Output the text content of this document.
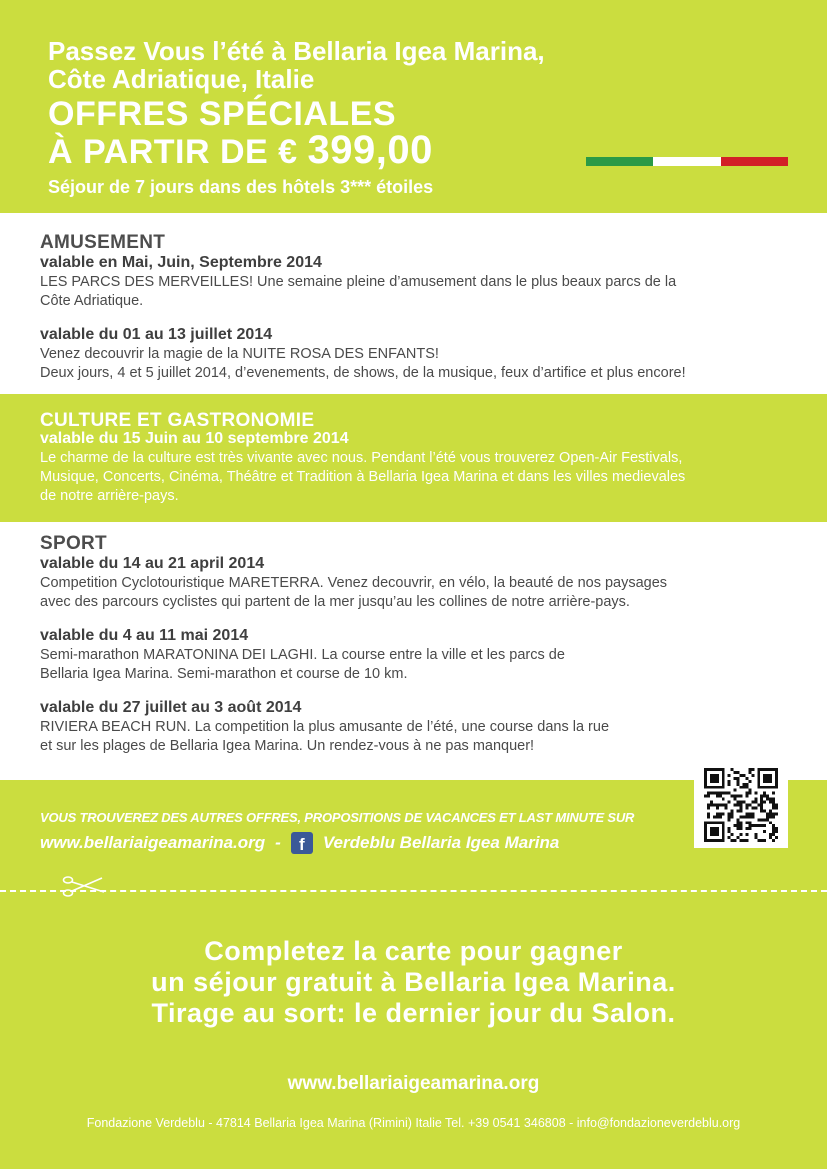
Passez Vous l’été à Bellaria Igea Marina,
Côte Adriatique, Italie
OFFRES SPÉCIALES
À PARTIR DE € 399,00
Séjour de 7 jours dans des hôtels 3*** étoiles
AMUSEMENT
valable en Mai, Juin, Septembre 2014

LES PARCS DES MERVEILLES! Une semaine pleine d’amusement dans le plus beaux parcs de la

Côte Adriatique.

valable du 01 au 13 juillet 2014

Venez decouvrir la magie de la NUITE ROSA DES ENFANTS!

Deux jours, 4 et 5 juillet 2014, d’evenements, de shows, de la musique, feux d’artifice et plus encore!

CULTURE ET GASTRONOMIE
valable du 15 Juin au 10 septembre 2014

Le charme de la culture est très vivante avec nous. Pendant l’été vous trouverez Open-Air Festivals,

Musique, Concerts, Cinéma, Théâtre et Tradition à Bellaria Igea Marina et dans les villes medievales

de notre arrière-pays.

SPORT
valable du 14 au 21 april 2014

Competition Cyclotouristique MARETERRA. Venez decouvrir, en vélo, la beauté de nos paysages

avec des parcours cyclistes qui partent de la mer jusqu’au les collines de notre arrière-pays.

valable du 4 au 11 mai 2014

Semi-marathon MARATONINA DEI LAGHI. La course entre la ville et les parcs de

Bellaria Igea Marina. Semi-marathon et course de 10 km.

valable du 27 juillet au 3 août 2014

RIVIERA BEACH RUN. La competition la plus amusante de l’été, une course dans la rue

et sur les plages de Bellaria Igea Marina. Un rendez-vous à ne pas manquer!

VOUS TROUVEREZ DES AUTRES OFFRES, PROPOSITIONS DE VACANCES ET LAST MINUTE SUR
www.bellariaigeamarina.org -	f	Verdeblu Bellaria Igea Marina
Completez la carte pour gagner
un séjour gratuit à Bellaria Igea Marina.
Tirage au sort: le dernier jour du Salon.
www.bellariaigeamarina.org
Fondazione Verdeblu - 47814 Bellaria Igea Marina (Rimini) Italie Tel. +39 0541 346808 - info@fondazioneverdeblu.org
